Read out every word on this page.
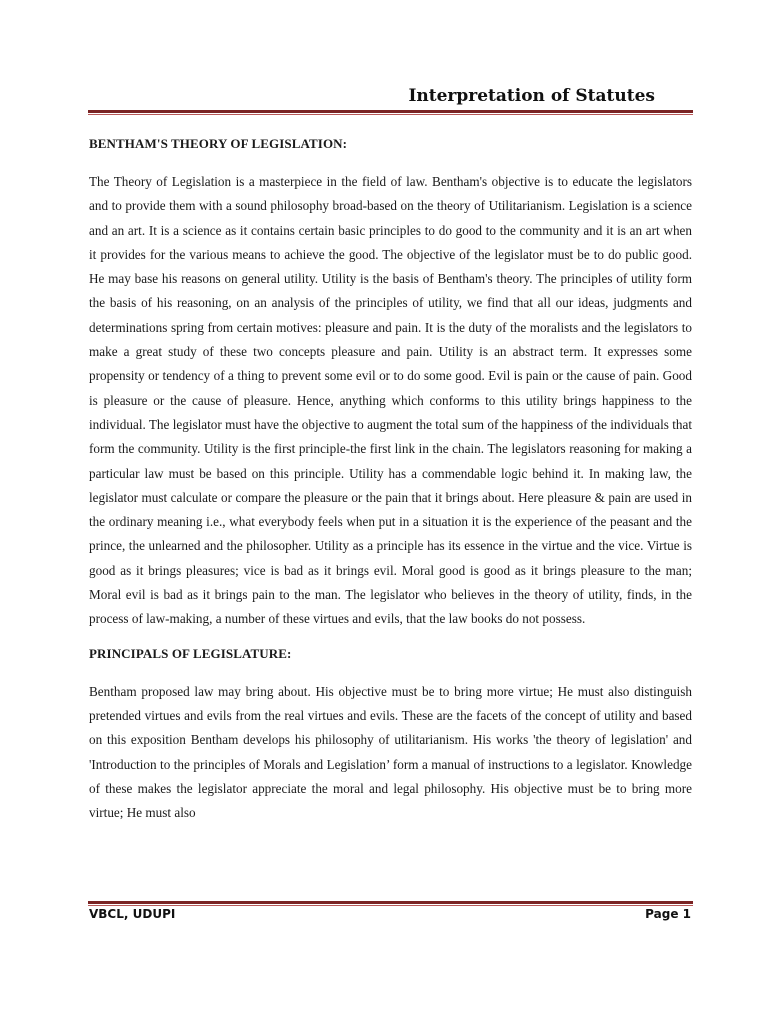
Interpretation of Statutes
BENTHAM'S THEORY OF LEGISLATION:

The Theory of Legislation is a masterpiece in the field of law. Bentham's objective is to educate the legislators and to provide them with a sound philosophy broad-based on the theory of Utilitarianism. Legislation is a science and an art. It is a science as it contains certain basic principles to do good to the community and it is an art when it provides for the various means to achieve the good. The objective of the legislator must be to do public good. He may base his reasons on general utility. Utility is the basis of Bentham's theory. The principles of utility form the basis of his reasoning, on an analysis of the principles of utility, we find that all our ideas, judgments and determinations spring from certain motives: pleasure and pain. It is the duty of the moralists and the legislators to make a great study of these two concepts pleasure and pain. Utility is an abstract term. It expresses some propensity or tendency of a thing to prevent some evil or to do some good. Evil is pain or the cause of pain. Good is pleasure or the cause of pleasure. Hence, anything which conforms to this utility brings happiness to the individual. The legislator must have the objective to augment the total sum of the happiness of the individuals that form the community. Utility is the first principle-the first link in the chain. The legislators reasoning for making a particular law must be based on this principle. Utility has a commendable logic behind it. In making law, the legislator must calculate or compare the pleasure or the pain that it brings about. Here pleasure & pain are used in the ordinary meaning i.e., what everybody feels when put in a situation it is the experience of the peasant and the prince, the unlearned and the philosopher. Utility as a principle has its essence in the virtue and the vice. Virtue is good as it brings pleasures; vice is bad as it brings evil. Moral good is good as it brings pleasure to the man; Moral evil is bad as it brings pain to the man. The legislator who believes in the theory of utility, finds, in the process of law-making, a number of these virtues and evils, that the law books do not possess.

PRINCIPALS OF LEGISLATURE:

Bentham proposed law may bring about. His objective must be to bring more virtue; He must also distinguish pretended virtues and evils from the real virtues and evils. These are the facets of the concept of utility and based on this exposition Bentham develops his philosophy of utilitarianism. His works 'the theory of legislation' and 'Introduction to the principles of Morals and Legislation’ form a manual of instructions to a legislator. Knowledge of these makes the legislator appreciate the moral and legal philosophy. His objective must be to bring more virtue; He must also

VBCL, UDUPI	Page 1
